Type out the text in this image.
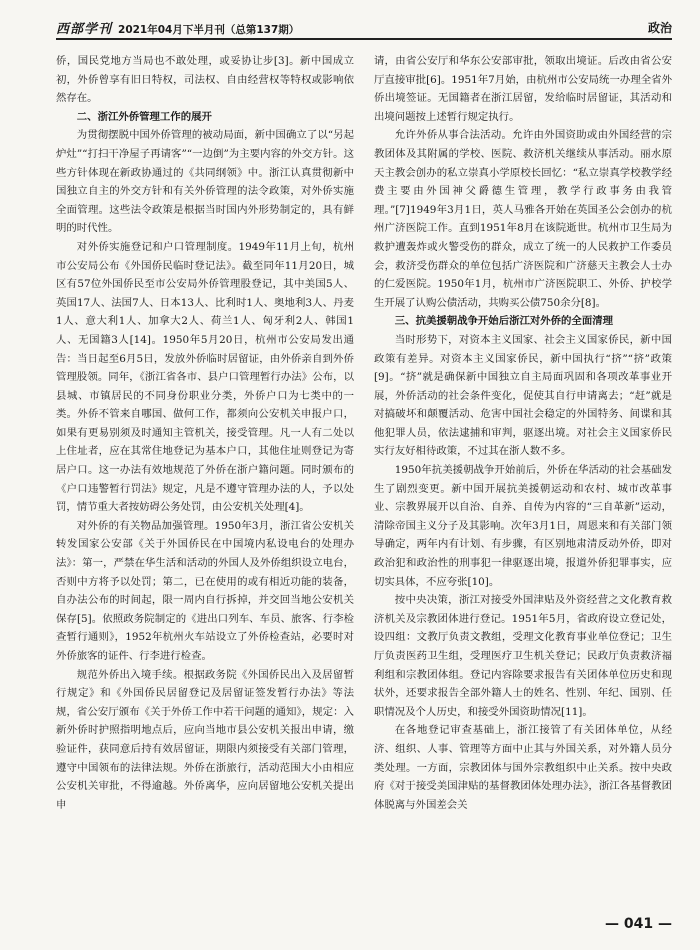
西部学刊 2021年04月下半月刊（总第137期）	政治

侨，国民党地方当局也不敢处理，或妥协让步[3]。新中国成立初，外侨曾享有旧日特权，司法权、自由经营权等特权或影响依然存在。

二、浙江外侨管理工作的展开

为贯彻摆脱中国外侨管理的被动局面，新中国确立了以“另起炉灶”“打扫干净屋子再请客”“一边倒”为主要内容的外交方针。这些方针体现在新政协通过的《共同纲领》中。浙江认真贯彻新中国独立自主的外交方针和有关外侨管理的法令政策，对外侨实施全面管理。这些法令政策是根据当时国内外形势制定的，具有鲜明的时代性。

对外侨实施登记和户口管理制度。1949年11月上旬，杭州市公安局公布《外国侨民临时登记法》。截至同年11月20日，城区有57位外国侨民至市公安局外侨管理股登记，其中美国5人、英国17人、法国7人、日本13人、比利时1人、奥地利3人、丹麦1人、意大利1人、加拿大2人、荷兰1人、匈牙利2人、韩国1人、无国籍3人[14]。1950年5月20日，杭州市公安局发出通告：当日起至6月5日，发放外侨临时居留证，由外侨亲自到外侨管理股领。同年，《浙江省各市、县户口管理暂行办法》公布，以县城、市镇居民的不同身份职业分类，外侨户口为七类中的一类。外侨不管来自哪国、做何工作，都须向公安机关申报户口，如果有更易别须及时通知主管机关，接受管理。凡一人有二处以上住址者，应在其常住地登记为基本户口，其他住址则登记为寄居户口。这一办法有效地规范了外侨在浙户籍问题。同时颁布的《户口违警暂行罚法》规定，凡是不遵守管理办法的人，予以处罚，情节重大者按妨碍公务处罚，由公安机关处理[4]。

对外侨的有关物品加强管理。1950年3月，浙江省公安机关转发国家公安部《关于外国侨民在中国境内私设电台的处理办法》：第一，严禁在华生活和活动的外国人及外侨组织设立电台，否则中方将予以处罚；第二，已在使用的或有相近功能的装备，自办法公布的时间起，限一周内自行拆掉，并交回当地公安机关保存[5]。依照政务院制定的《进出口列车、车员、旅客、行李检查暂行通则》，1952年杭州火车站设立了外侨检查站，必要时对外侨旅客的证件、行李进行检查。

规范外侨出入境手续。根据政务院《外国侨民出入及居留暂行规定》和《外国侨民居留登记及居留证签发暂行办法》等法规，省公安厅颁布《关于外侨工作中若干问题的通知》，规定：入新外侨时护照指明地点后，应向当地市县公安机关报出申请，缴验证件，获同意后持有效居留证，期限内须接受有关部门管理，遵守中国领布的法律法规。外侨在浙旅行，活动范围大小由相应公安机关审批，不得逾越。外侨离华，应向居留地公安机关提出申

请，由省公安厅和华东公安部审批，领取出境证。后改由省公安厅直接审批[6]。1951年7月始，由杭州市公安局统一办理全省外侨出境签证。无国籍者在浙江居留，发给临时居留证，其活动和出境问题按上述暂行规定执行。

允许外侨从事合法活动。允许由外国资助或由外国经营的宗教团体及其附属的学校、医院、救济机关继续从事活动。丽水原天主教会创办的私立崇真小学原校长回忆：“私立崇真学校教学经费主要由外国神父爵德生管理，教学行政事务由我管理。”[7]1949年3月1日，英人马雅各开始在英国圣公会创办的杭州广济医院工作。直到1951年8月在该院逝世。杭州市卫生局为救护遭轰炸或火警受伤的群众，成立了统一的人民救护工作委员会，救济受伤群众的单位包括广济医院和广济慈天主教会人士办的仁爱医院。1950年1月，杭州市广济医院职工、外侨、护校学生开展了认购公债活动，共购买公债750余分[8]。

三、抗美援朝战争开始后浙江对外侨的全面清理

当时形势下，对资本主义国家、社会主义国家侨民，新中国政策有差异。对资本主义国家侨民，新中国执行“挤”“挤”政策[9]。“挤”就是确保新中国独立自主局面巩固和各项改革事业开展，外侨活动的社会条件变化，促使其自行申请离去；“赶”就是对搞破坏和颠覆活动、危害中国社会稳定的外国特务、间谍和其他犯罪人员，依法逮捕和审判，驱逐出境。对社会主义国家侨民实行友好相待政策，不过其在浙人数不多。

1950年抗美援朝战争开始前后，外侨在华活动的社会基础发生了剧烈变更。新中国开展抗美援朝运动和农村、城市改革事业、宗教界展开以自治、自养、自传为内容的“三自革新”运动，清除帝国主义分子及其影响。次年3月1日，周恩来和有关部门领导确定，两年内有计划、有步骤，有区别地肃清反动外侨，即对政治犯和政治性的刑事犯一律驱逐出境，报道外侨犯罪事实，应切实具体，不应夸张[10]。

按中央决策，浙江对接受外国津贴及外资经营之文化教育救济机关及宗教团体进行登记。1951年5月，省政府设立登记处，设四组：文教厅负责文教组，受理文化教育事业单位登记；卫生厅负责医药卫生组，受理医疗卫生机关登记；民政厅负责救济福利组和宗教团体组。登记内容除要求报告有关团体单位历史和现状外，还要求报告全部外籍人士的姓名、性别、年纪、国别、任职情况及个人历史，和接受外国资助情况[11]。

在各地登记审查基础上，浙江接管了有关团体单位，从经济、组织、人事、管理等方面中止其与外国关系，对外籍人员分类处理。一方面，宗教团体与国外宗教组织中止关系。按中央政府《对于接受美国津贴的基督教团体处理办法》，浙江各基督教团体脱离与外国差会关

— 041 —
